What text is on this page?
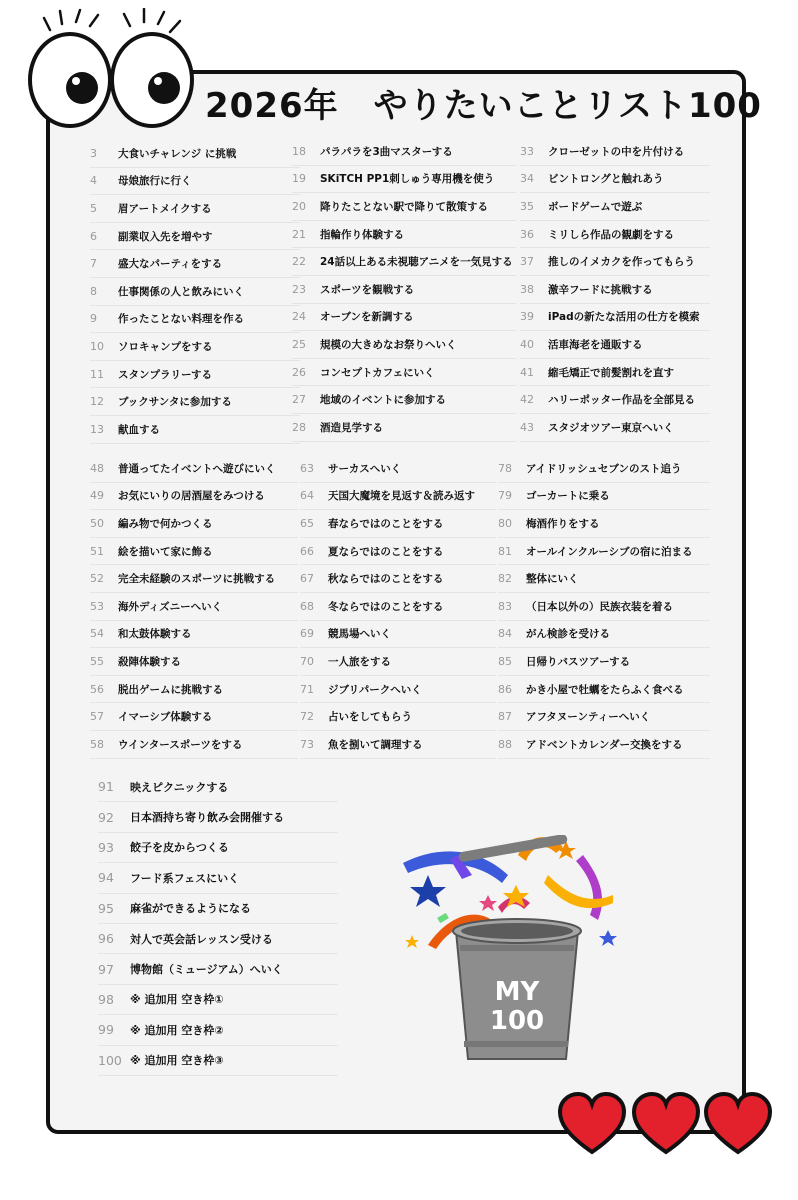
2026年　やりたいことリスト100
3	大食いチャレンジ に挑戦
4	母娘旅行に行く
5	眉アートメイクする
6	副業収入先を増やす
7	盛大なパーティをする
8	仕事関係の人と飲みにいく
9	作ったことない料理を作る
10	ソロキャンプをする
11	スタンプラリーする
12	ブックサンタに参加する
13	献血する
18	パラパラを3曲マスターする
19	SKiTCH PP1刺しゅう専用機を使う
20	降りたことない駅で降りて散策する
21	指輪作り体験する
22	24話以上ある未視聴アニメを一気見する
23	スポーツを観戦する
24	オーブンを新調する
25	規模の大きめなお祭りへいく
26	コンセプトカフェにいく
27	地域のイベントに参加する
28	酒造見学する
33	クローゼットの中を片付ける
34	ビントロングと触れあう
35	ボードゲームで遊ぶ
36	ミリしら作品の観劇をする
37	推しのイメカクを作ってもらう
38	激辛フードに挑戦する
39	iPadの新たな活用の仕方を模索
40	活車海老を通販する
41	縮毛矯正で前髪割れを直す
42	ハリーポッター作品を全部見る
43	スタジオツアー東京へいく
48	普通ってたイベントへ遊びにいく
49	お気にいりの居酒屋をみつける
50	編み物で何かつくる
51	絵を描いて家に飾る
52	完全未経験のスポーツに挑戦する
53	海外ディズニーへいく
54	和太鼓体験する
55	殺陣体験する
56	脱出ゲームに挑戦する
57	イマーシブ体験する
58	ウインタースポーツをする
63	サーカスへいく
64	天国大魔境を見返す＆読み返す
65	春ならではのことをする
66	夏ならではのことをする
67	秋ならではのことをする
68	冬ならではのことをする
69	競馬場へいく
70	一人旅をする
71	ジブリパークへいく
72	占いをしてもらう
73	魚を捌いて調理する
78	アイドリッシュセブンのスト追う
79	ゴーカートに乗る
80	梅酒作りをする
81	オールインクルーシブの宿に泊まる
82	整体にいく
83	（日本以外の）民族衣装を着る
84	がん検診を受ける
85	日帰りバスツアーする
86	かき小屋で牡蠣をたらふく食べる
87	アフタヌーンティーへいく
88	アドベントカレンダー交換をする
91	映えピクニックする
92	日本酒持ち寄り飲み会開催する
93	餃子を皮からつくる
94	フード系フェスにいく
95	麻雀ができるようになる
96	対人で英会話レッスン受ける
97	博物館（ミュージアム）へいく
98	※ 追加用 空き枠①
99	※ 追加用 空き枠②
100 ※ 追加用 空き枠③
MY
100
